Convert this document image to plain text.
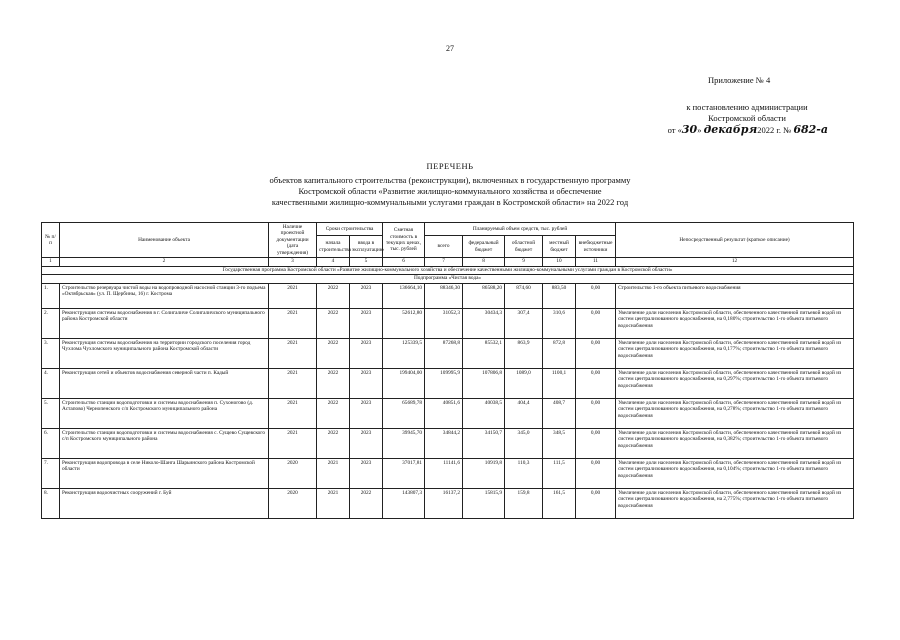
27
Приложение № 4
к постановлению администрации
Костромской области
от «30» декабря2022 г. № 682-а
ПЕРЕЧЕНЬ
объектов капитального строительства (реконструкции), включенных в государственную программу
Костромской области «Развитие жилищно-коммунального хозяйства и обеспечение
качественными жилищно-коммунальными услугами граждан в Костромской области» на 2022 год
№ п/п	Наименование объекта	Наличие проектной документации (дата утверждения)	Сроки строительства		Сметная стоимость в текущих ценах, тыс. рублей	Планируемый объем средств, тыс. рублей					Непосредственный результат (краткое описание)
			начала строительства	ввода в эксплуатацию		всего	федеральный бюджет	областной бюджет	местный бюджет	внебюджетные источники	
1	2	3	4	5	6	7	8	9	10	11	12
Государственная программа Костромской области «Развитие жилищно-коммунального хозяйства и обеспечение качественными жилищно-коммунальными услугами граждан в Костромской области»											
Подпрограмма «Чистая вода»											
1.	Строительство резервуара чистой воды на водопроводной насосной станции 3-го подъема «Октябрьская» (ул. П. Щербины, 16) г. Кострома	2021	2022	2023	136664,10	88346,30	86588,20	874,60	883,50	0,00	Строительство 1-го объекта питьевого водоснабжения
2.	Реконструкция системы водоснабжения в г. Солигаличе Солигаличского муниципального района Костромской области	2021	2022	2023	52612,80	31052,3	30434,3	307,4	310,6	0,00	Увеличение доли населения Костромской области, обеспеченного качественной питьевой водой из систем централизованного водоснабжения, на 0,180%; строительство 1-го объекта питьевого водоснабжения
3.	Реконструкция системы водоснабжения на территории городского поселения город Чухлома Чухломского муниципального района Костромской области	2021	2022	2023	125339,5	87268,8	85532,1	863,9	872,8	0,00	Увеличение доли населения Костромской области, обеспеченного качественной питьевой водой из систем централизованного водоснабжения, на 0,177%; строительство 1-го объекта питьевого водоснабжения
4.	Реконструкция сетей и объектов водоснабжения северной части п. Кадый	2021	2022	2023	199404,00	109995,9	107806,8	1089,0	1100,1	0,00	Увеличение доли населения Костромской области, обеспеченного качественной питьевой водой из систем централизованного водоснабжения, на 0,297%; строительство 1-го объекта питьевого водоснабжения
5.	Строительство станции водоподготовки и системы водоснабжения п. Сухоногово (д. Астапово) Чернопенского с/п Костромского муниципального района	2021	2022	2023	65689,78	40851,6	40038,5	404,4	408,7	0,00	Увеличение доли населения Костромской области, обеспеченного качественной питьевой водой из систем централизованного водоснабжения, на 0,278%; строительство 1-го объекта питьевого водоснабжения
6.	Строительство станции водоподготовки и системы водоснабжения с. Сущево Сущевского с/п Костромского муниципального района	2021	2022	2023	39945,70	34844,2	34150,7	345,0	348,5	0,00	Увеличение доли населения Костромской области, обеспеченного качественной питьевой водой из систем централизованного водоснабжения, на 0,382%; строительство 1-го объекта питьевого водоснабжения
7.	Реконструкция водопровода в селе Николо-Шанга Шарьинского района Костромской области	2020	2021	2023	37017,81	11141,6	10919,8	110,3	111,5	0,00	Увеличение доли населения Костромской области, обеспеченного качественной питьевой водой из систем централизованного водоснабжения, на 0,104%; строительство 1-го объекта питьевого водоснабжения
8.	Реконструкция водоочистных сооружений г. Буй	2020	2021	2022	143807,3	16137,2	15815,9	159,8	161,5	0,00	Увеличение доли населения Костромской области, обеспеченного качественной питьевой водой из систем централизованного водоснабжения, на 2,775%; строительство 1-го объекта питьевого водоснабжения
